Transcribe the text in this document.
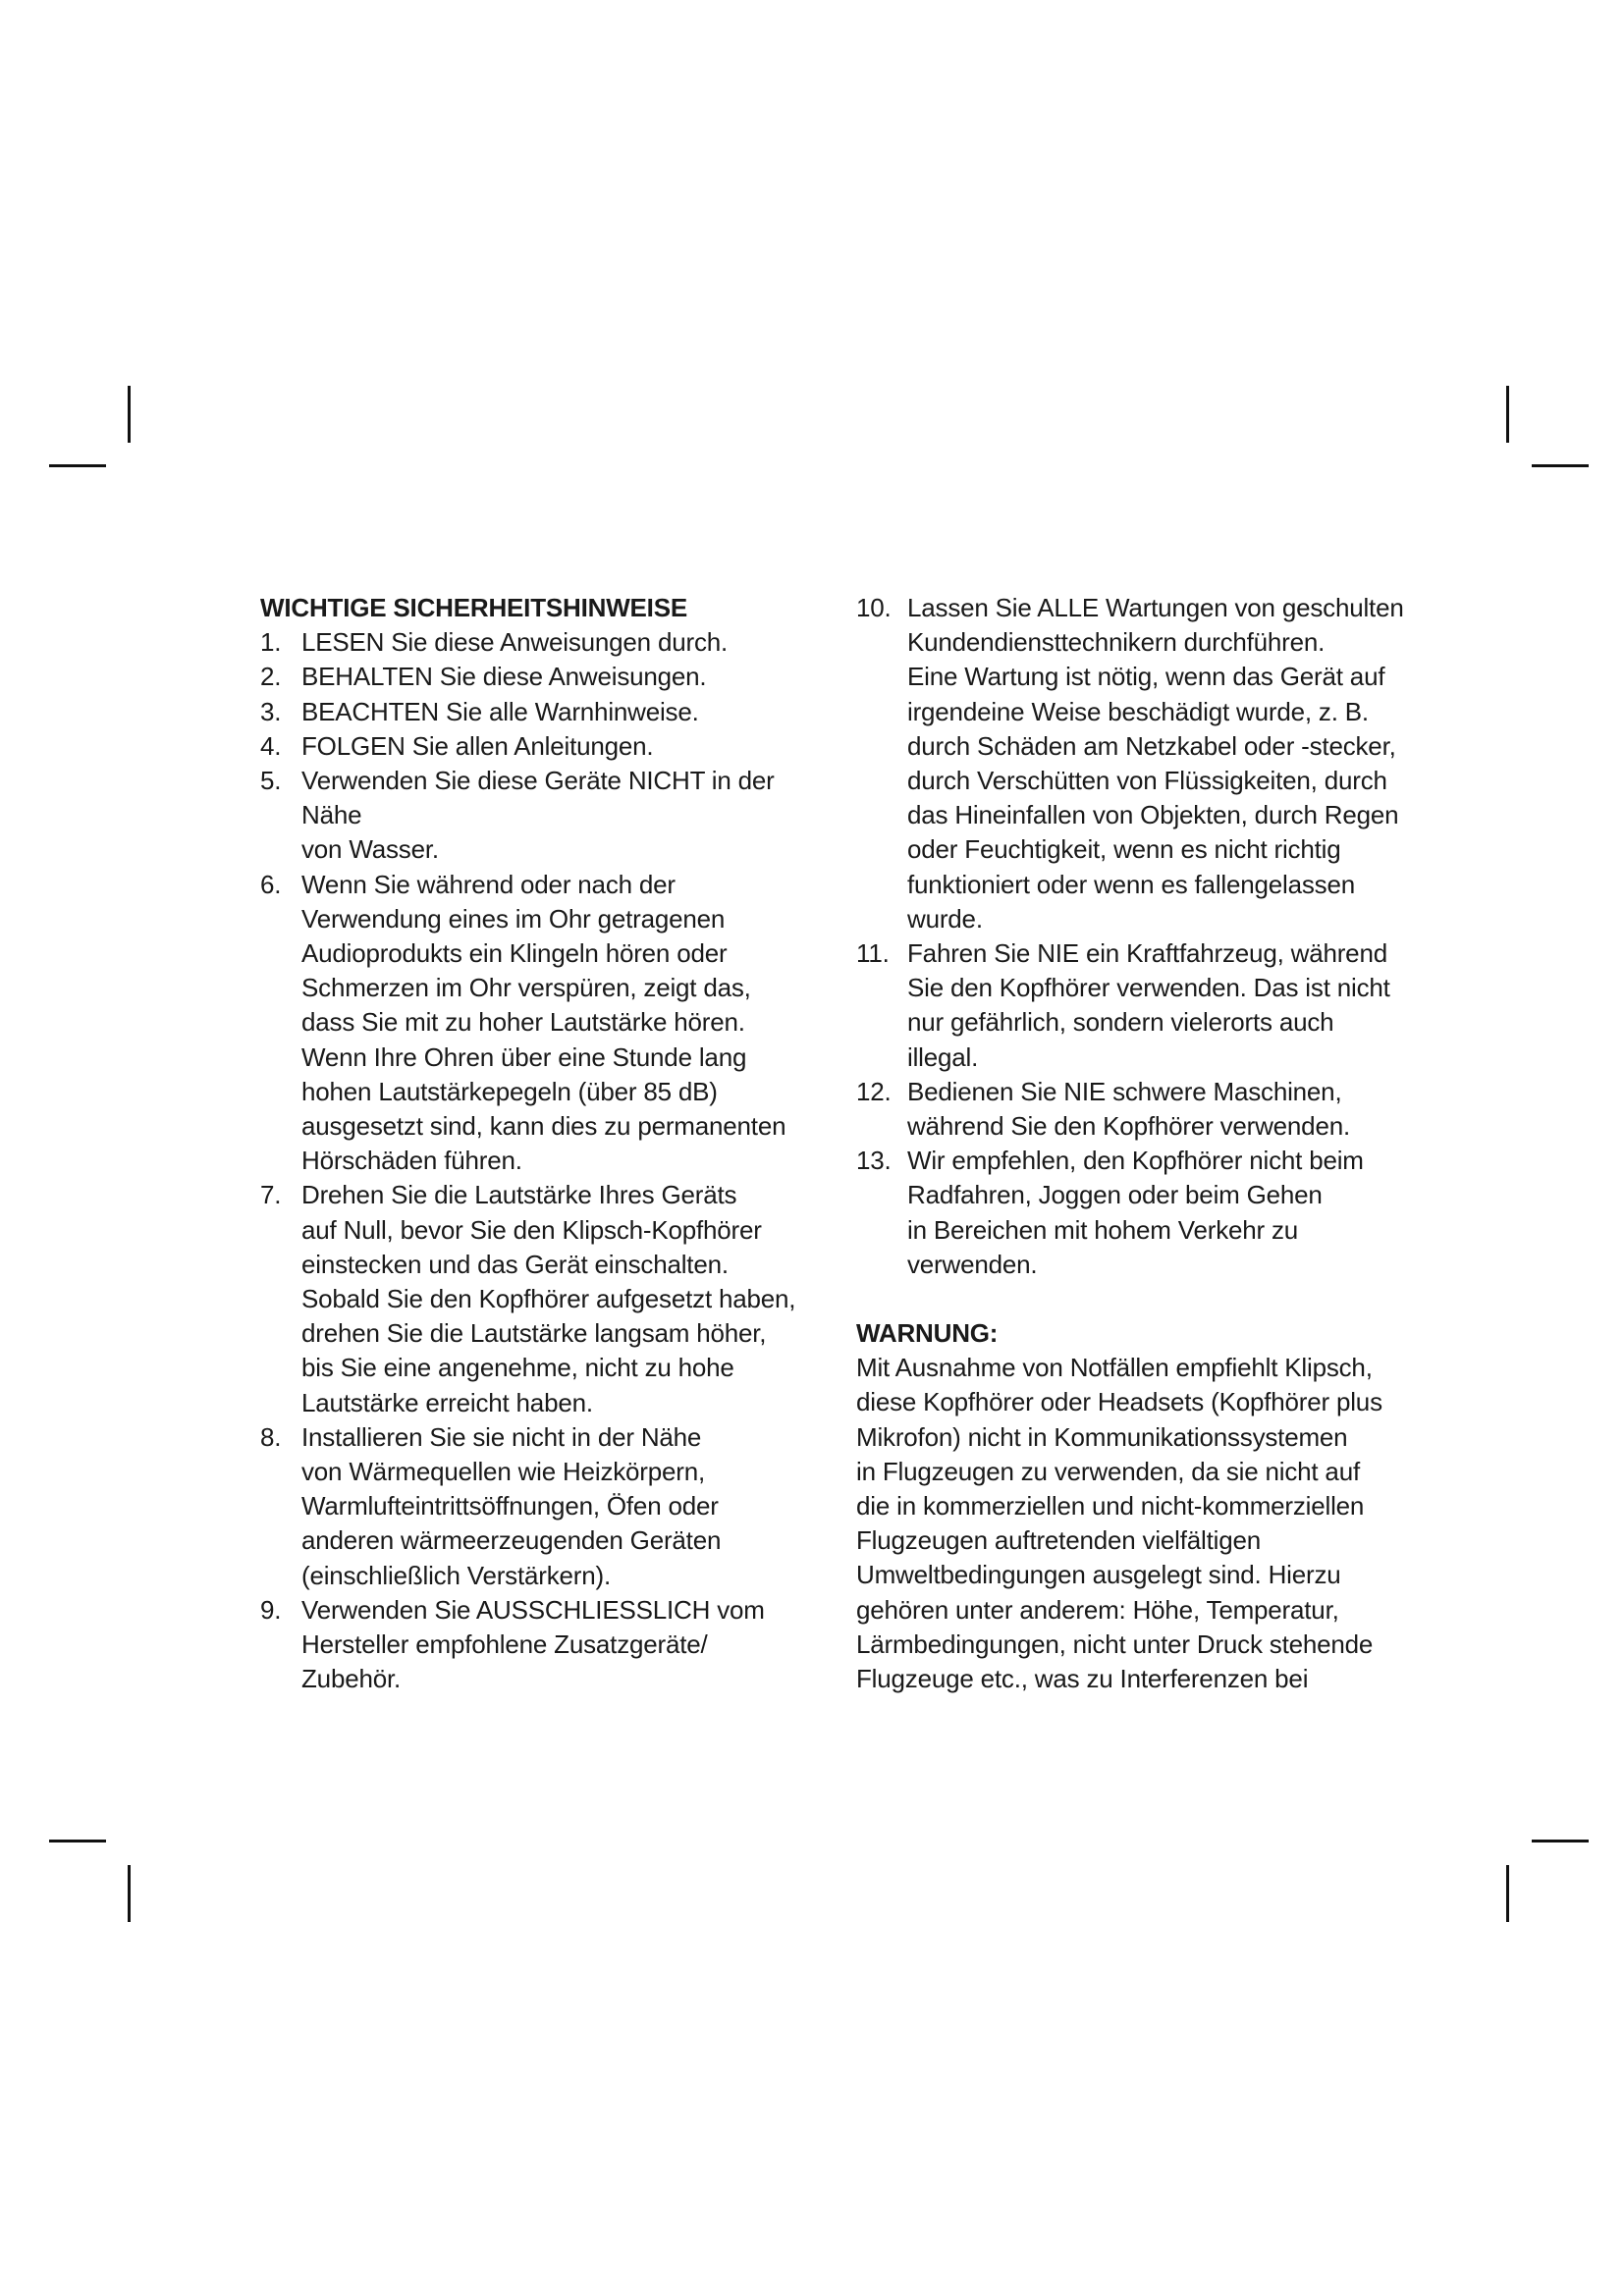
WICHTIGE SICHERHEITSHINWEISE
1. LESEN Sie diese Anweisungen durch.
2. BEHALTEN Sie diese Anweisungen.
3. BEACHTEN Sie alle Warnhinweise.
4. FOLGEN Sie allen Anleitungen.
5. Verwenden Sie diese Geräte NICHT in der
Nähe
von Wasser.
6. Wenn Sie während oder nach der
Verwendung eines im Ohr getragenen
Audioprodukts ein Klingeln hören oder
Schmerzen im Ohr verspüren, zeigt das,
dass Sie mit zu hoher Lautstärke hören.
Wenn Ihre Ohren über eine Stunde lang
hohen Lautstärkepegeln (über 85 dB)
ausgesetzt sind, kann dies zu permanenten
Hörschäden führen.
7. Drehen Sie die Lautstärke Ihres Geräts
auf Null, bevor Sie den Klipsch-Kopfhörer
einstecken und das Gerät einschalten.
Sobald Sie den Kopfhörer aufgesetzt haben,
drehen Sie die Lautstärke langsam höher,
bis Sie eine angenehme, nicht zu hohe
Lautstärke erreicht haben.
8. Installieren Sie sie nicht in der Nähe
von Wärmequellen wie Heizkörpern,
Warmlufteintrittsöffnungen, Öfen oder
anderen wärmeerzeugenden Geräten
(einschließlich Verstärkern).
9. Verwenden Sie AUSSCHLIESSLICH vom
Hersteller empfohlene Zusatzgeräte/
Zubehör.
10. Lassen Sie ALLE Wartungen von geschulten
Kundendiensttechnikern durchführen.
Eine Wartung ist nötig, wenn das Gerät auf
irgendeine Weise beschädigt wurde, z. B.
durch Schäden am Netzkabel oder -stecker,
durch Verschütten von Flüssigkeiten, durch
das Hineinfallen von Objekten, durch Regen
oder Feuchtigkeit, wenn es nicht richtig
funktioniert oder wenn es fallengelassen
wurde.
11. Fahren Sie NIE ein Kraftfahrzeug, während
Sie den Kopfhörer verwenden. Das ist nicht
nur gefährlich, sondern vielerorts auch
illegal.
12. Bedienen Sie NIE schwere Maschinen,
während Sie den Kopfhörer verwenden.
13. Wir empfehlen, den Kopfhörer nicht beim
Radfahren, Joggen oder beim Gehen
in Bereichen mit hohem Verkehr zu
verwenden.
WARNUNG:
Mit Ausnahme von Notfällen empfiehlt Klipsch,
diese Kopfhörer oder Headsets (Kopfhörer plus
Mikrofon) nicht in Kommunikationssystemen
in Flugzeugen zu verwenden, da sie nicht auf
die in kommerziellen und nicht-kommerziellen
Flugzeugen auftretenden vielfältigen
Umweltbedingungen ausgelegt sind. Hierzu
gehören unter anderem: Höhe, Temperatur,
Lärmbedingungen, nicht unter Druck stehende
Flugzeuge etc., was zu Interferenzen bei
